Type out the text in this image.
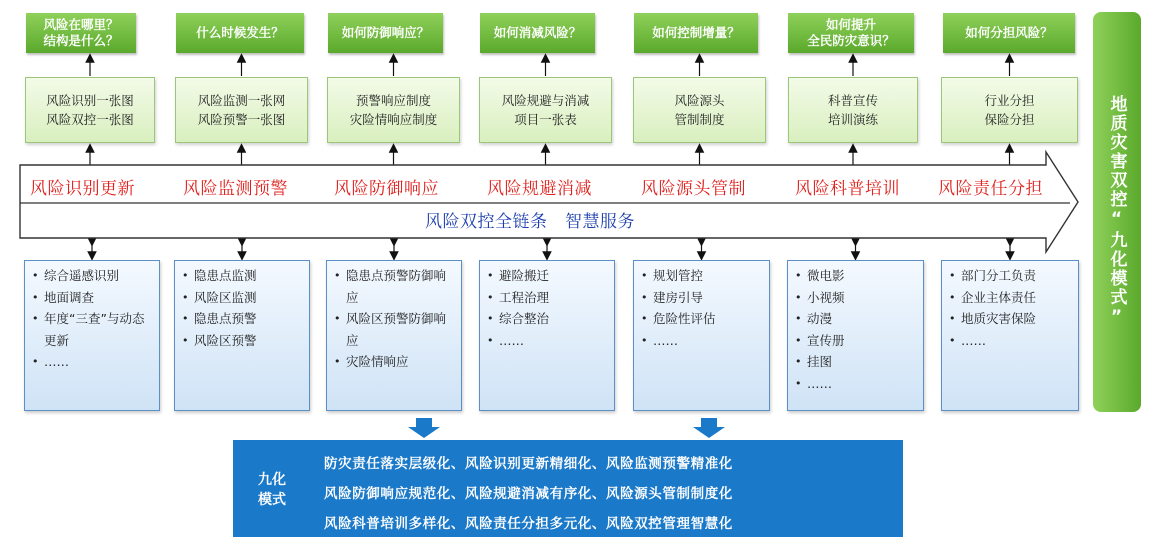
风险在哪里？
结构是什么？
什么时候发生？	如何防御响应？	如何消减风险？	如何控制增量？
如何提升
全民防灾意识？
如何分担风险？
风险识别一张图
风险双控一张图
风险监测一张网
风险预警一张图
预警响应制度
灾险情响应制度
风险规避与消减
项目一张表
风险源头
管制制度
科普宣传
培训演练
行业分担
保险分担
风险识别更新	风险监测预警	风险防御响应	风险规避消减	风险源头管制	风险科普培训 风险责任分担
风险双控全链条　智慧服务
• 综合遥感识别
• 地面调查
• 年度“三查”与动态更新
• ……
• 隐患点监测
• 风险区监测
• 隐患点预警
• 风险区预警
• 隐患点预警防御响应
• 风险区预警防御响应
• 灾险情响应
• 避险搬迁
• 工程治理
• 综合整治
• ……
• 规划管控
• 建房引导
• 危险性评估
• ……
• 微电影
• 小视频
• 动漫
• 宣传册
• 挂图
• ……
• 部门分工负责
• 企业主体责任
• 地质灾害保险
• ……
地质灾害双控“九化模式”
九化
模式
防灾责任落实层级化、风险识别更新精细化、风险监测预警精准化
风险防御响应规范化、风险规避消减有序化、风险源头管制制度化
风险科普培训多样化、风险责任分担多元化、风险双控管理智慧化
